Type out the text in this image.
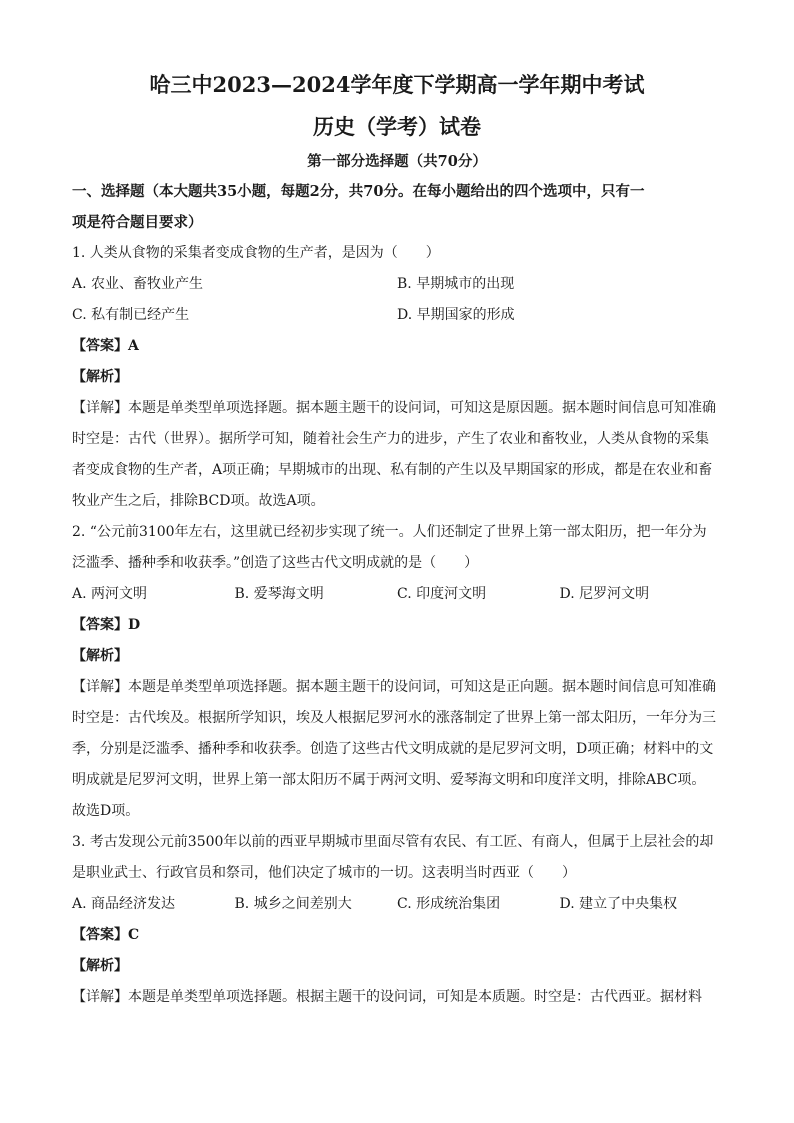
哈三中2023—2024学年度下学期高一学年期中考试
历史（学考）试卷
第一部分选择题（共70分）
一、选择题（本大题共35小题，每题2分，共70分。在每小题给出的四个选项中，只有一
项是符合题目要求）
1. 人类从食物的采集者变成食物的生产者，是因为（　　）
A. 农业、畜牧业产生	B. 早期城市的出现
C. 私有制已经产生	D. 早期国家的形成
【答案】A
【解析】
【详解】本题是单类型单项选择题。据本题主题干的设问词，可知这是原因题。据本题时间信息可知准确
时空是：古代（世界）。据所学可知，随着社会生产力的进步，产生了农业和畜牧业，人类从食物的采集
者变成食物的生产者，A项正确；早期城市的出现、私有制的产生以及早期国家的形成，都是在农业和畜
牧业产生之后，排除BCD项。故选A项。
2. “公元前3100年左右，这里就已经初步实现了统一。人们还制定了世界上第一部太阳历，把一年分为
泛滥季、播种季和收获季。”创造了这些古代文明成就的是（　　）
A. 两河文明	B. 爱琴海文明	C. 印度河文明	D. 尼罗河文明
【答案】D
【解析】
【详解】本题是单类型单项选择题。据本题主题干的设问词，可知这是正向题。据本题时间信息可知准确
时空是：古代埃及。根据所学知识，埃及人根据尼罗河水的涨落制定了世界上第一部太阳历，一年分为三
季，分别是泛滥季、播种季和收获季。创造了这些古代文明成就的是尼罗河文明，D项正确；材料中的文
明成就是尼罗河文明，世界上第一部太阳历不属于两河文明、爱琴海文明和印度洋文明，排除ABC项。
故选D项。
3. 考古发现公元前3500年以前的西亚早期城市里面尽管有农民、有工匠、有商人，但属于上层社会的却
是职业武士、行政官员和祭司，他们决定了城市的一切。这表明当时西亚（　　）
A. 商品经济发达	B. 城乡之间差别大	C. 形成统治集团	D. 建立了中央集权
【答案】C
【解析】
【详解】本题是单类型单项选择题。根据主题干的设问词，可知是本质题。时空是：古代西亚。据材料
